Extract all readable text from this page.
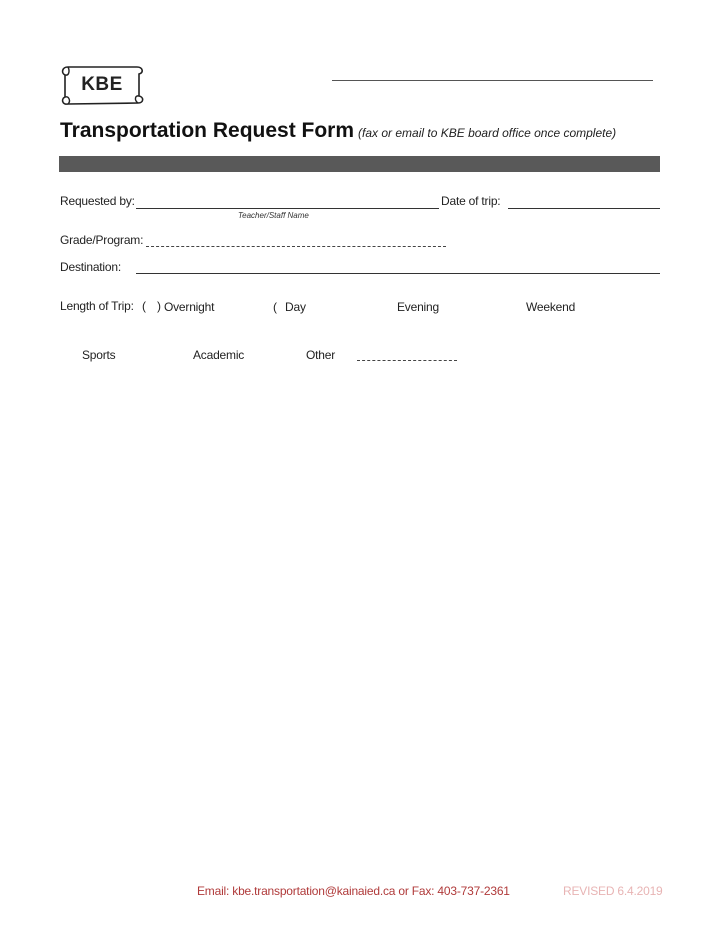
KBE
Transportation Request Form (fax or email to KBE board office once complete)
Requested by:
Teacher/Staff Name
Date of trip:
Grade/Program:
Destination:
Length of Trip: ( ) Overnight	( Day	Evening	Weekend
Sports	Academic	Other
Email: kbe.transportation@kainaied.ca or Fax: 403-737-2361	REVISED 6.4.2019
